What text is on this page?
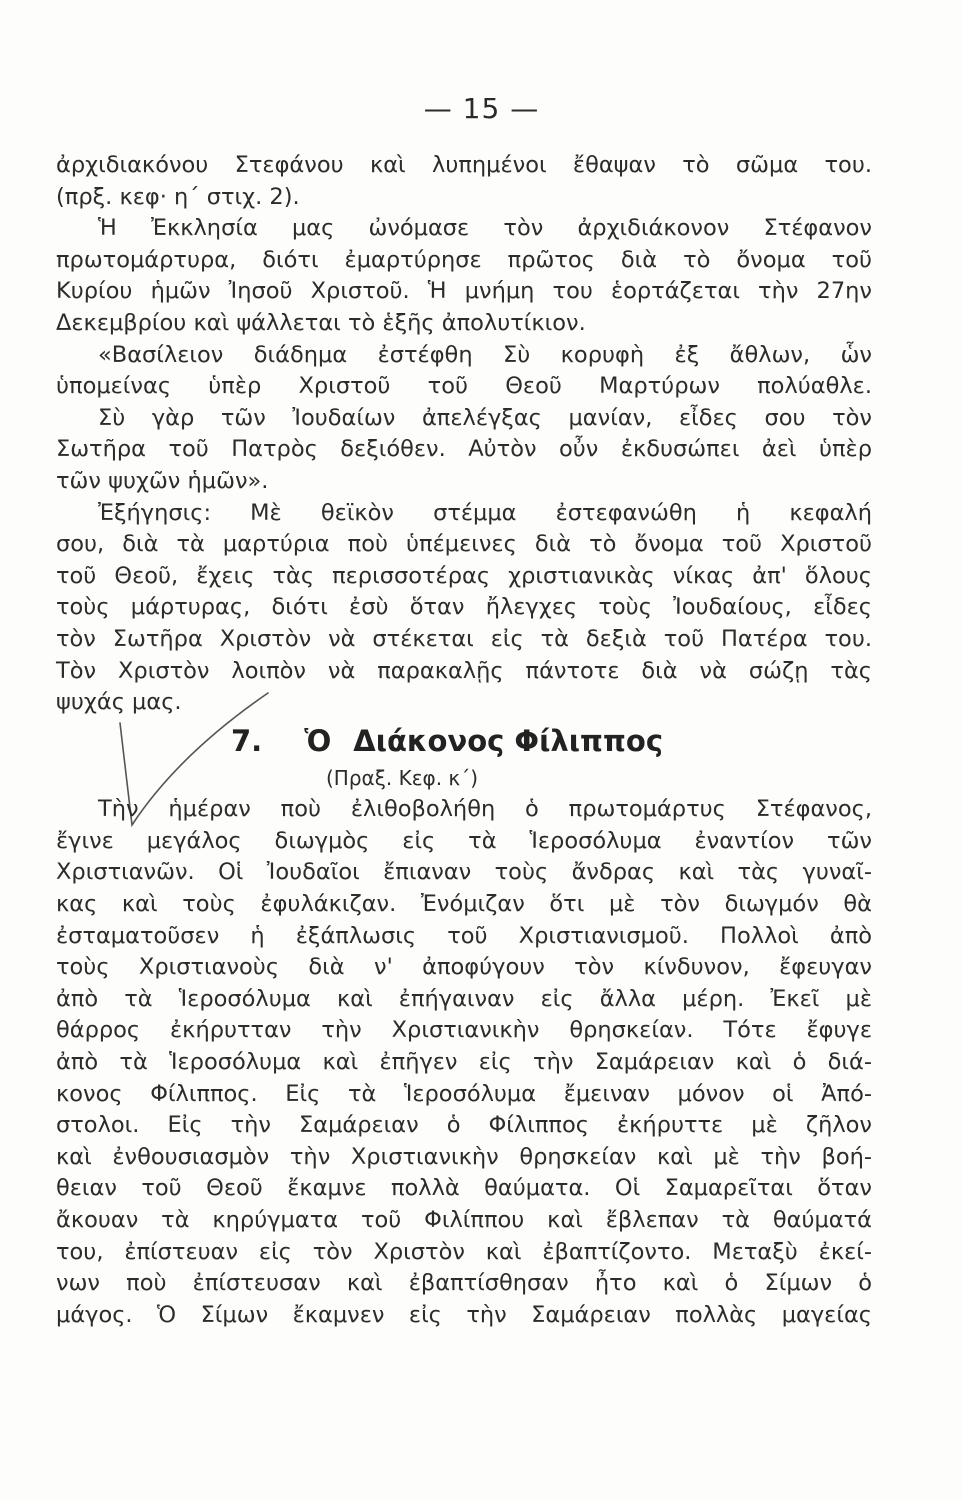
— 15 —
ἀρχιδιακόνου Στεφάνου καὶ λυπημένοι ἔθαψαν τὸ σῶμα του.
(πρξ. κεφ· η΄ στιχ. 2).
Ἡ Ἐκκλησία μας ὠνόμασε τὸν ἀρχιδιάκονον Στέφανον
πρωτομάρτυρα, διότι ἐμαρτύρησε πρῶτος διὰ τὸ ὄνομα τοῦ
Κυρίου ἡμῶν Ἰησοῦ Χριστοῦ. Ἡ μνήμη του ἑορτάζεται τὴν 27ην
Δεκεμβρίου καὶ ψάλλεται τὸ ἑξῆς ἀπολυτίκιον.
«Βασίλειον διάδημα ἐστέφθη Σὺ κορυφὴ ἐξ ἄθλων, ὧν
ὑπομείνας ὑπὲρ Χριστοῦ τοῦ Θεοῦ Μαρτύρων πολύαθλε.
Σὺ γὰρ τῶν Ἰουδαίων ἀπελέγξας μανίαν, εἶδες σου τὸν
Σωτῆρα τοῦ Πατρὸς δεξιόθεν. Αὐτὸν οὖν ἐκδυσώπει ἀεὶ ὑπὲρ
τῶν ψυχῶν ἡμῶν».
Ἐξήγησις: Μὲ θεϊκὸν στέμμα ἐστεφανώθη ἡ κεφαλή
σου, διὰ τὰ μαρτύρια ποὺ ὑπέμεινες διὰ τὸ ὄνομα τοῦ Χριστοῦ
τοῦ Θεοῦ, ἔχεις τὰς περισσοτέρας χριστιανικὰς νίκας ἀπ' ὅλους
τοὺς μάρτυρας, διότι ἐσὺ ὅταν ἤλεγχες τοὺς Ἰουδαίους, εἶδες
τὸν Σωτῆρα Χριστὸν νὰ στέκεται εἰς τὰ δεξιὰ τοῦ Πατέρα του.
Τὸν Χριστὸν λοιπὸν νὰ παρακαλῇς πάντοτε διὰ νὰ σώζῃ τὰς
ψυχάς μας.
7. Ὁ Διάκονος Φίλιππος
(Πραξ. Κεφ. κ΄)
Τὴν ἡμέραν ποὺ ἐλιθοβολήθη ὁ πρωτομάρτυς Στέφανος,
ἔγινε μεγάλος διωγμὸς εἰς τὰ Ἱεροσόλυμα ἐναντίον τῶν
Χριστιανῶν. Οἱ Ἰουδαῖοι ἔπιαναν τοὺς ἄνδρας καὶ τὰς γυναῖ-
κας καὶ τοὺς ἐφυλάκιζαν. Ἐνόμιζαν ὅτι μὲ τὸν διωγμόν θὰ
ἐσταματοῦσεν ἡ ἐξάπλωσις τοῦ Χριστιανισμοῦ. Πολλοὶ ἀπὸ
τοὺς Χριστιανοὺς διὰ ν' ἀποφύγουν τὸν κίνδυνον, ἔφευγαν
ἀπὸ τὰ Ἱεροσόλυμα καὶ ἐπήγαιναν εἰς ἄλλα μέρη. Ἐκεῖ μὲ
θάρρος ἐκήρυτταν τὴν Χριστιανικὴν θρησκείαν. Τότε ἔφυγε
ἀπὸ τὰ Ἱεροσόλυμα καὶ ἐπῆγεν εἰς τὴν Σαμάρειαν καὶ ὁ διά-
κονος Φίλιππος. Εἰς τὰ Ἱεροσόλυμα ἔμειναν μόνον οἱ Ἀπό-
στολοι. Εἰς τὴν Σαμάρειαν ὁ Φίλιππος ἐκήρυττε μὲ ζῆλον
καὶ ἐνθουσιασμὸν τὴν Χριστιανικὴν θρησκείαν καὶ μὲ τὴν βοή-
θειαν τοῦ Θεοῦ ἔκαμνε πολλὰ θαύματα. Οἱ Σαμαρεῖται ὅταν
ἄκουαν τὰ κηρύγματα τοῦ Φιλίππου καὶ ἔβλεπαν τὰ θαύματά
του, ἐπίστευαν εἰς τὸν Χριστὸν καὶ ἐβαπτίζοντο. Μεταξὺ ἐκεί-
νων ποὺ ἐπίστευσαν καὶ ἐβαπτίσθησαν ἦτο καὶ ὁ Σίμων ὁ
μάγος. Ὁ Σίμων ἔκαμνεν εἰς τὴν Σαμάρειαν πολλὰς μαγείας
